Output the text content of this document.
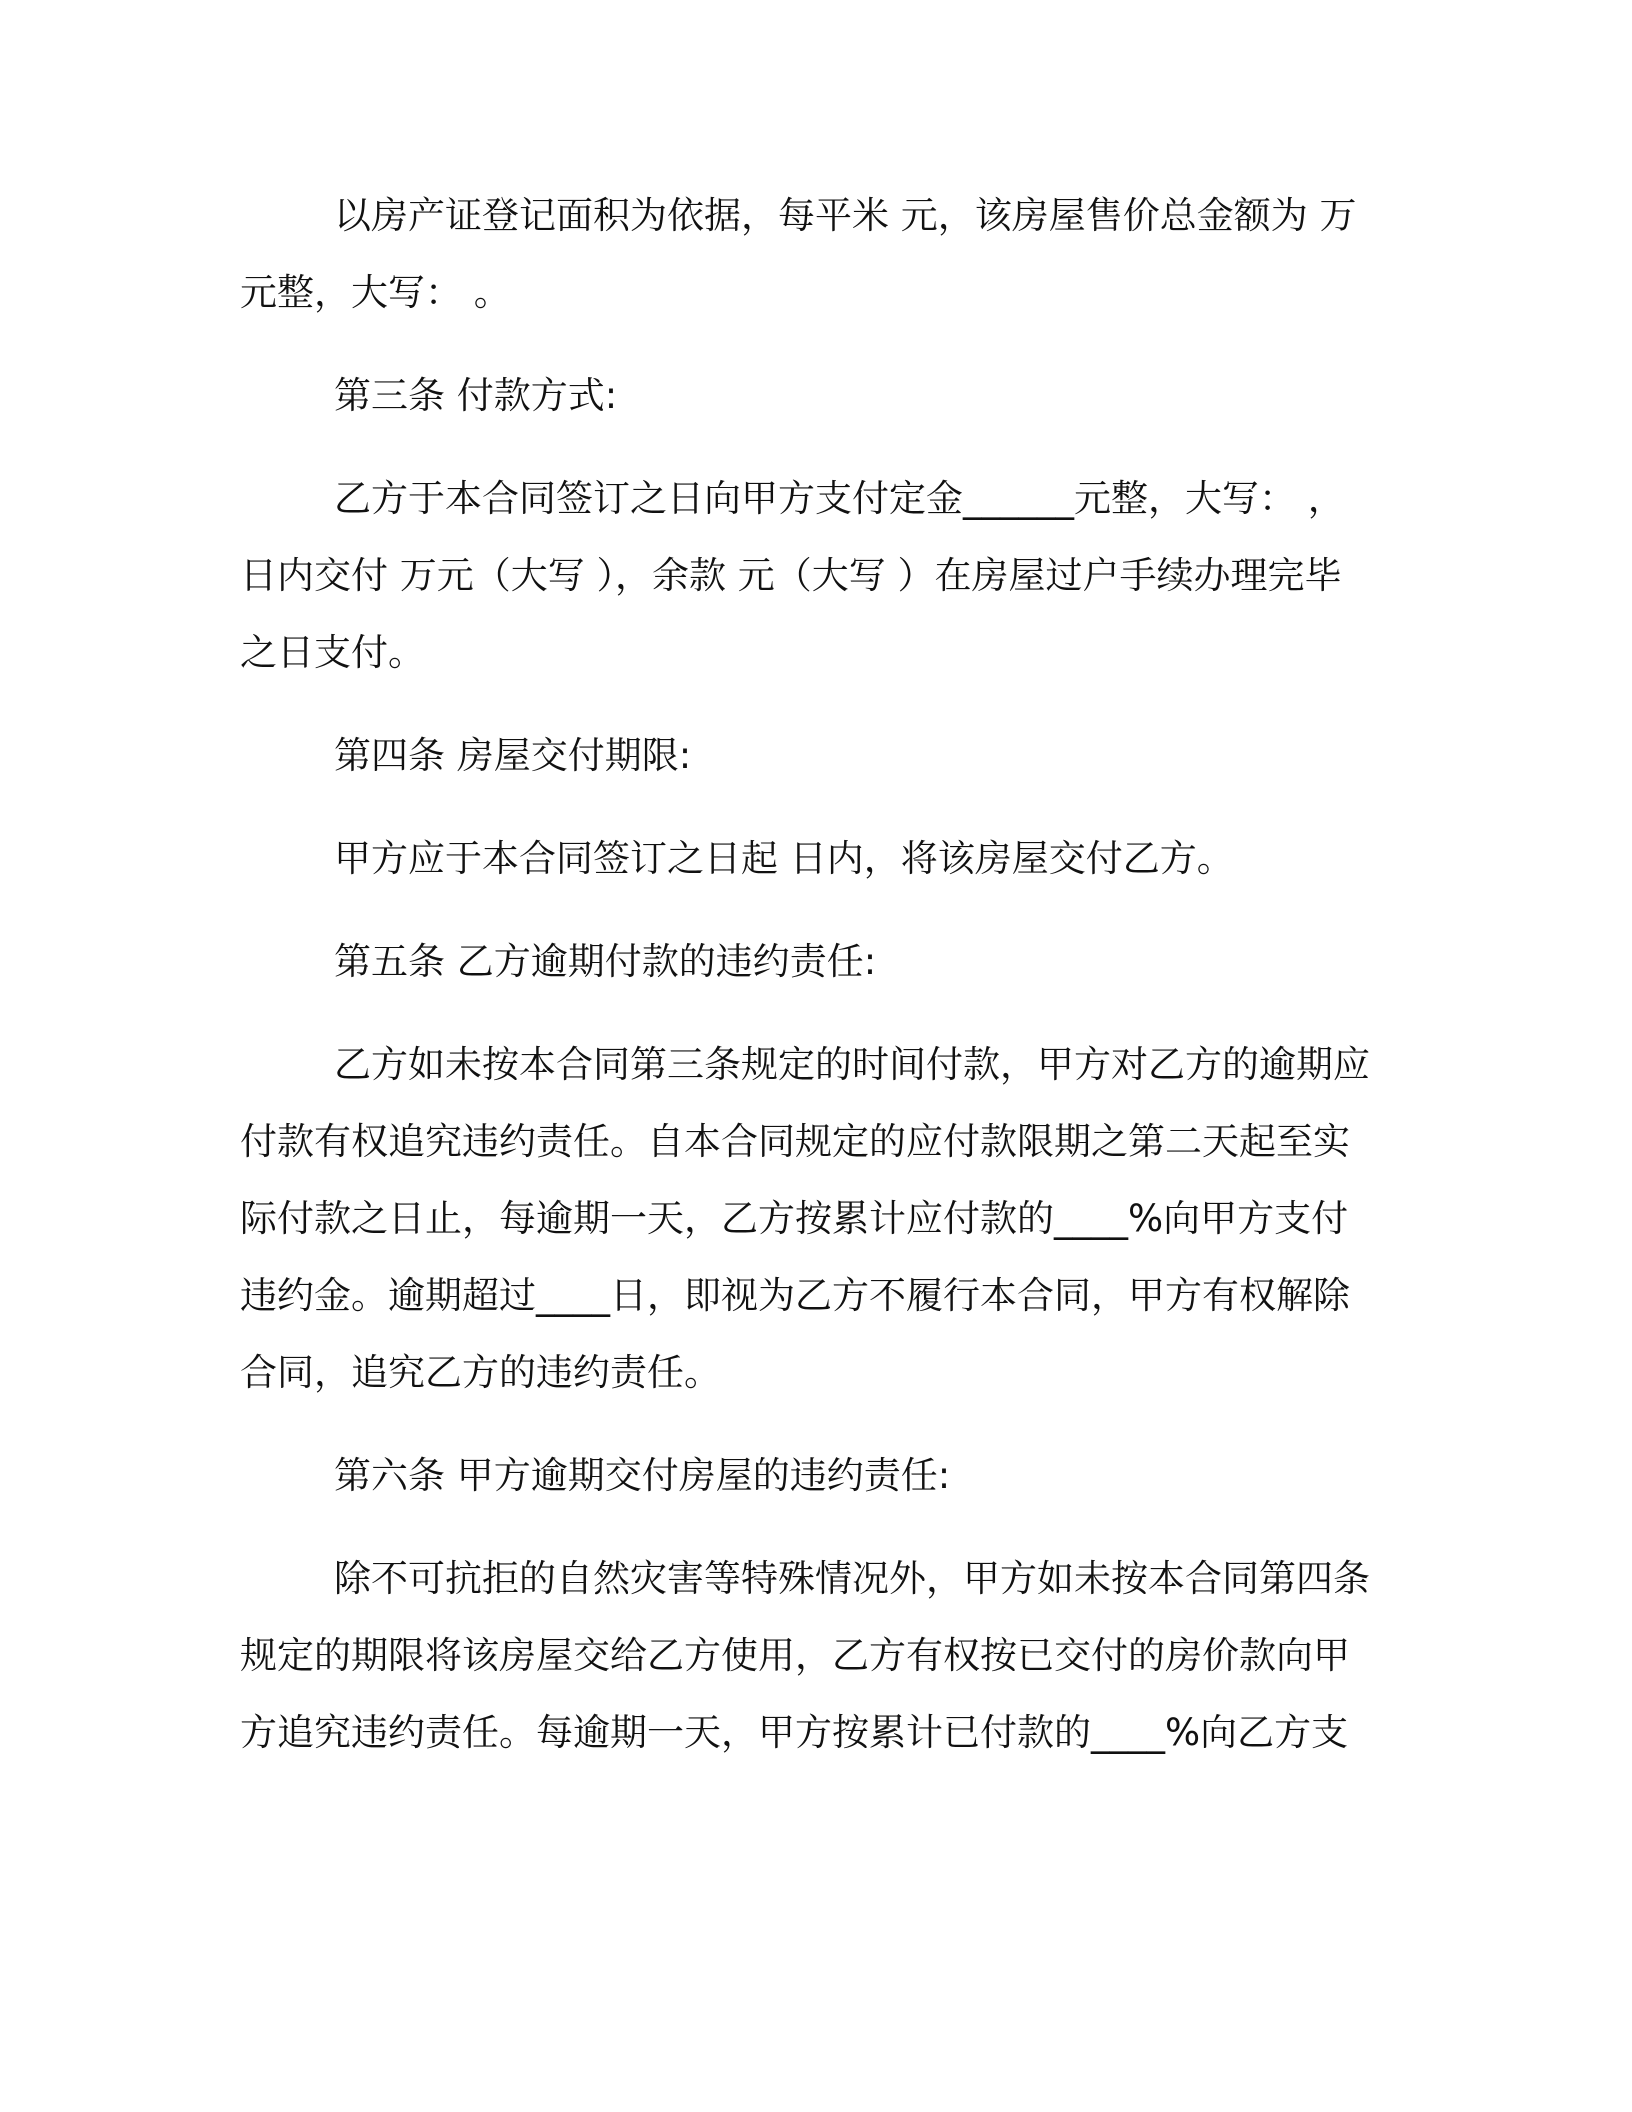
以房产证登记面积为依据，每平米 元，该房屋售价总金额为 万

元整，大写： 。

第三条 付款方式:

乙方于本合同签订之日向甲方支付定金______元整，大写： ，

日内交付 万元（大写 ），余款 元（大写 ）在房屋过户手续办理完毕

之日支付。

第四条 房屋交付期限:

甲方应于本合同签订之日起 日内，将该房屋交付乙方。

第五条 乙方逾期付款的违约责任:

乙方如未按本合同第三条规定的时间付款，甲方对乙方的逾期应

付款有权追究违约责任。自本合同规定的应付款限期之第二天起至实

际付款之日止，每逾期一天，乙方按累计应付款的____%向甲方支付

违约金。逾期超过____日，即视为乙方不履行本合同，甲方有权解除

合同，追究乙方的违约责任。

第六条 甲方逾期交付房屋的违约责任:

除不可抗拒的自然灾害等特殊情况外，甲方如未按本合同第四条

规定的期限将该房屋交给乙方使用，乙方有权按已交付的房价款向甲

方追究违约责任。每逾期一天，甲方按累计已付款的____%向乙方支
